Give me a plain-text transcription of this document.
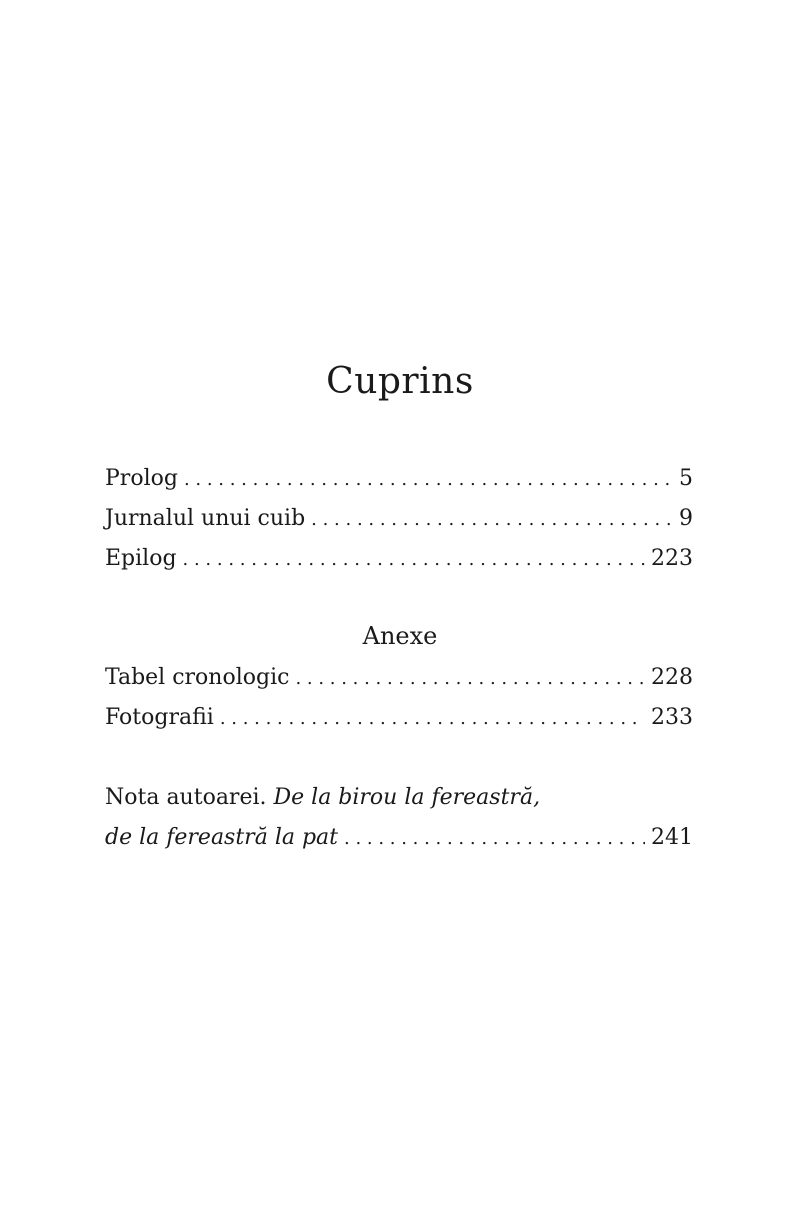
Cuprins
Prolog . . .	5
Jurnalul unui cuib . . .	9
Epilog . . .	223
Anexe
Tabel cronologic . . .	228
Fotografii . . .	233
Nota autoarei. De la birou la fereastră,
de la fereastră la pat . . .	241
